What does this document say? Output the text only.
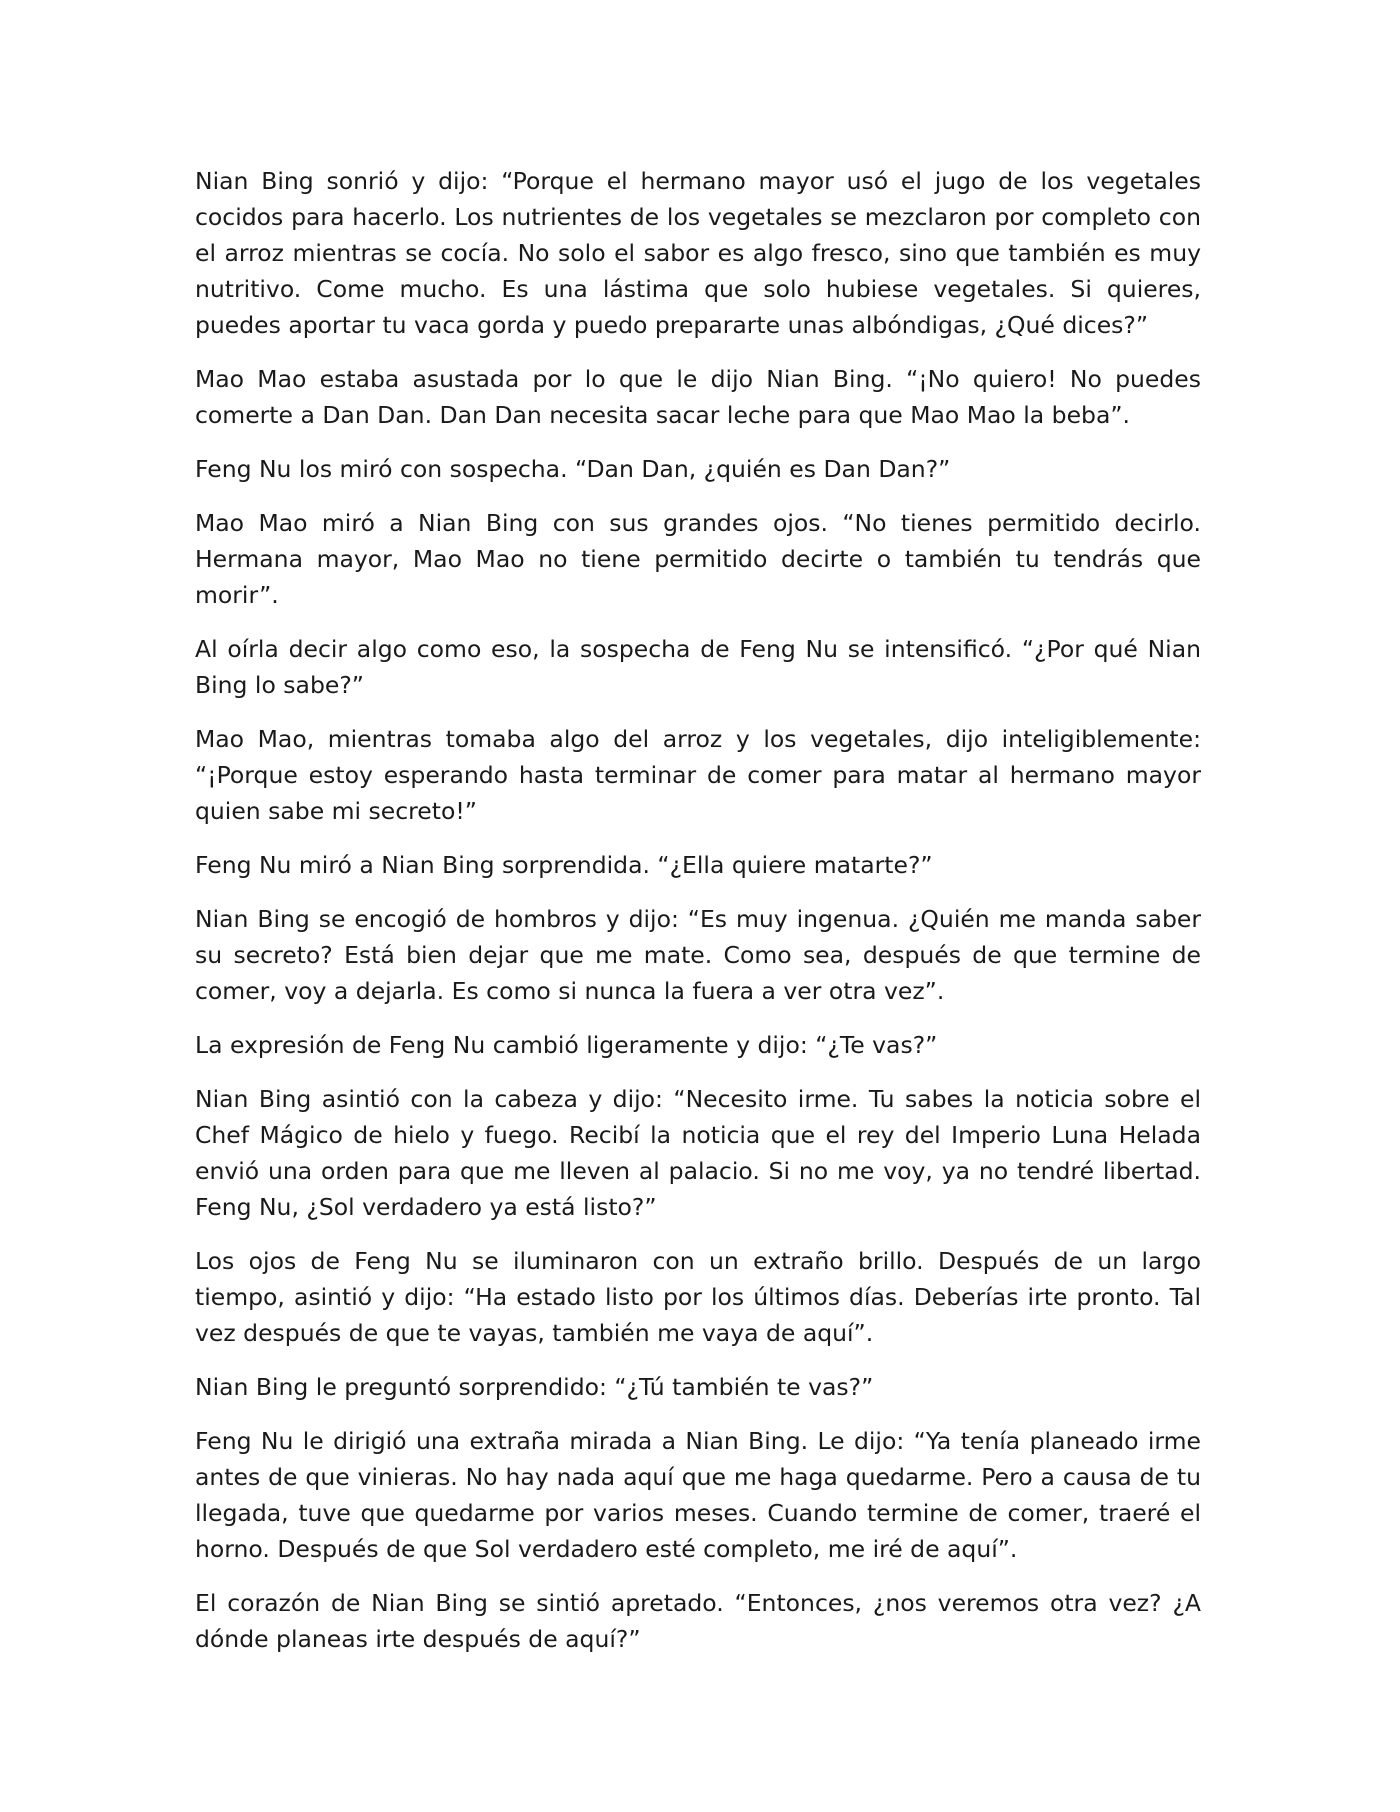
Nian Bing sonrió y dijo: “Porque el hermano mayor usó el jugo de los vegetales cocidos para hacerlo. Los nutrientes de los vegetales se mezclaron por completo con el arroz mientras se cocía. No solo el sabor es algo fresco, sino que también es muy nutritivo. Come mucho. Es una lástima que solo hubiese vegetales. Si quieres, puedes aportar tu vaca gorda y puedo prepararte unas albóndigas, ¿Qué dices?”

Mao Mao estaba asustada por lo que le dijo Nian Bing. “¡No quiero! No puedes comerte a Dan Dan. Dan Dan necesita sacar leche para que Mao Mao la beba”.

Feng Nu los miró con sospecha. “Dan Dan, ¿quién es Dan Dan?”

Mao Mao miró a Nian Bing con sus grandes ojos. “No tienes permitido decirlo. Hermana mayor, Mao Mao no tiene permitido decirte o también tu tendrás que morir”.

Al oírla decir algo como eso, la sospecha de Feng Nu se intensificó. “¿Por qué Nian Bing lo sabe?”

Mao Mao, mientras tomaba algo del arroz y los vegetales, dijo inteligiblemente: “¡Porque estoy esperando hasta terminar de comer para matar al hermano mayor quien sabe mi secreto!”

Feng Nu miró a Nian Bing sorprendida. “¿Ella quiere matarte?”

Nian Bing se encogió de hombros y dijo: “Es muy ingenua. ¿Quién me manda saber su secreto? Está bien dejar que me mate. Como sea, después de que termine de comer, voy a dejarla. Es como si nunca la fuera a ver otra vez”.

La expresión de Feng Nu cambió ligeramente y dijo: “¿Te vas?”

Nian Bing asintió con la cabeza y dijo: “Necesito irme. Tu sabes la noticia sobre el Chef Mágico de hielo y fuego. Recibí la noticia que el rey del Imperio Luna Helada envió una orden para que me lleven al palacio. Si no me voy, ya no tendré libertad. Feng Nu, ¿Sol verdadero ya está listo?”

Los ojos de Feng Nu se iluminaron con un extraño brillo. Después de un largo tiempo, asintió y dijo: “Ha estado listo por los últimos días. Deberías irte pronto. Tal vez después de que te vayas, también me vaya de aquí”.

Nian Bing le preguntó sorprendido: “¿Tú también te vas?”

Feng Nu le dirigió una extraña mirada a Nian Bing. Le dijo: “Ya tenía planeado irme antes de que vinieras. No hay nada aquí que me haga quedarme. Pero a causa de tu llegada, tuve que quedarme por varios meses. Cuando termine de comer, traeré el horno. Después de que Sol verdadero esté completo, me iré de aquí”.

El corazón de Nian Bing se sintió apretado. “Entonces, ¿nos veremos otra vez? ¿A dónde planeas irte después de aquí?”
